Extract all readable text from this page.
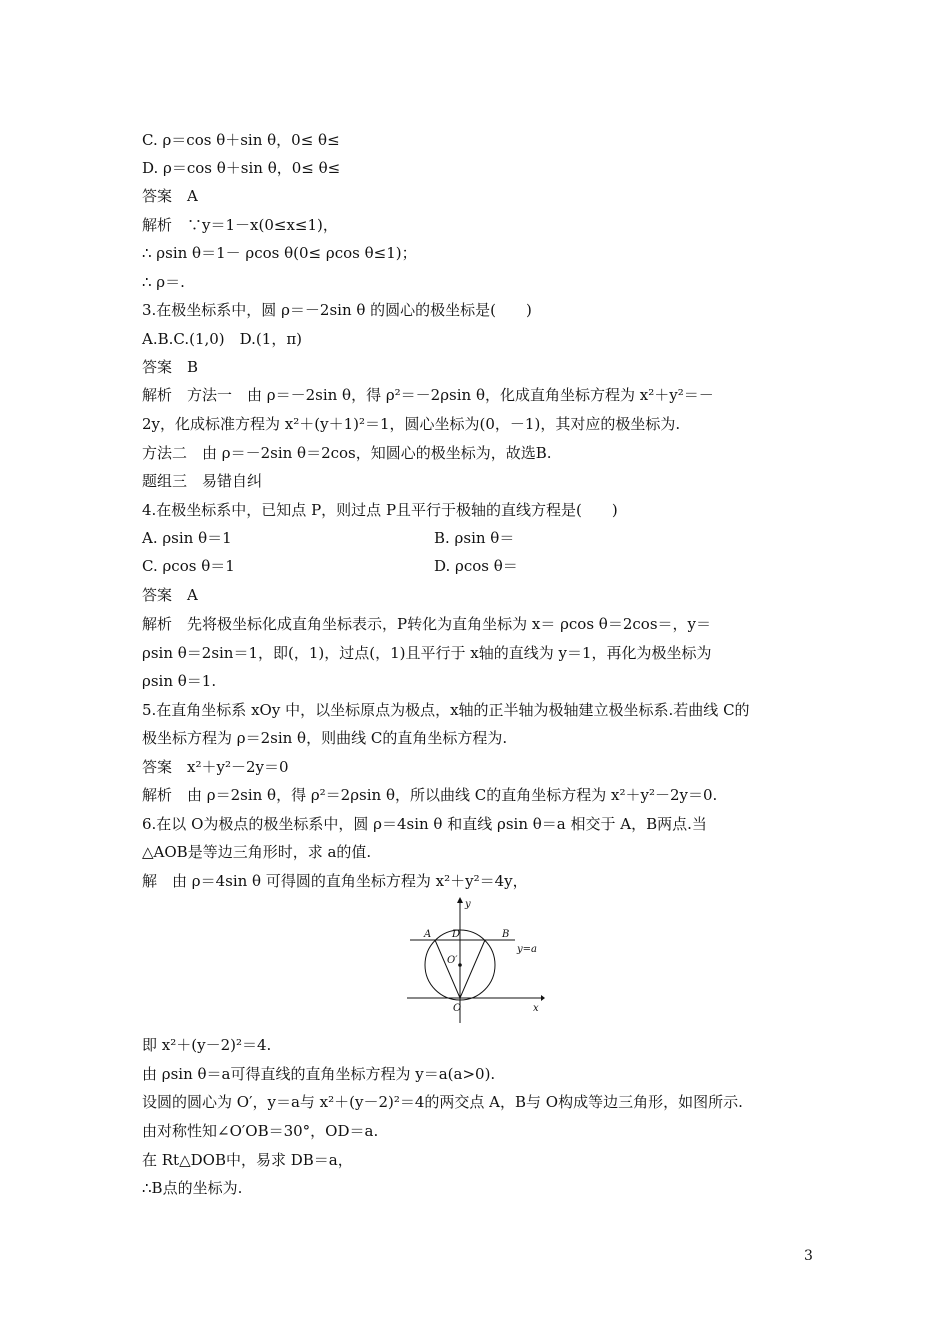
C. ρ＝cos θ＋sin θ，0≤ θ≤
D. ρ＝cos θ＋sin θ，0≤ θ≤
答案　A
解析　∵y＝1－x(0≤x≤1)，
∴ ρsin θ＝1－ ρcos θ(0≤ ρcos θ≤1)；
∴ ρ＝.
3.在极坐标系中，圆 ρ＝－2sin θ 的圆心的极坐标是(　　)
A.B.C.(1,0)　D.(1，π)
答案　B
解析　方法一　由 ρ＝－2sin θ，得 ρ²＝－2ρsin θ，化成直角坐标方程为 x²＋y²＝－
2y，化成标准方程为 x²＋(y＋1)²＝1，圆心坐标为(0，－1)，其对应的极坐标为.
方法二　由 ρ＝－2sin θ＝2cos，知圆心的极坐标为，故选B.
题组三　易错自纠
4.在极坐标系中，已知点 P，则过点 P且平行于极轴的直线方程是(　　)
答案　A
解析　先将极坐标化成直角坐标表示，P转化为直角坐标为 x＝ ρcos θ＝2cos＝，y＝
ρsin θ＝2sin＝1，即(，1)，过点(，1)且平行于 x轴的直线为 y＝1，再化为极坐标为
ρsin θ＝1.
5.在直角坐标系 xOy 中，以坐标原点为极点，x轴的正半轴为极轴建立极坐标系.若曲线 C的
极坐标方程为 ρ＝2sin θ，则曲线 C的直角坐标方程为.
答案　x²＋y²－2y＝0
解析　由 ρ＝2sin θ，得 ρ²＝2ρsin θ，所以曲线 C的直角坐标方程为 x²＋y²－2y＝0.
6.在以 O为极点的极坐标系中，圆 ρ＝4sin θ 和直线 ρsin θ＝a 相交于 A，B两点.当
△AOB是等边三角形时，求 a的值.
解　由 ρ＝4sin θ 可得圆的直角坐标方程为 x²＋y²＝4y，
A. ρsin θ＝1	B. ρsin θ＝
C. ρcos θ＝1	D. ρcos θ＝
即 x²＋(y－2)²＝4.
由 ρsin θ＝a可得直线的直角坐标方程为 y＝a(a>0).
设圆的圆心为 O′，y＝a与 x²＋(y－2)²＝4的两交点 A，B与 O构成等边三角形，如图所示.
由对称性知∠O′OB＝30°，OD＝a.
在 Rt△DOB中，易求 DB＝a，
∴B点的坐标为.
y
x
A D	B
y=a
O′
O
3
